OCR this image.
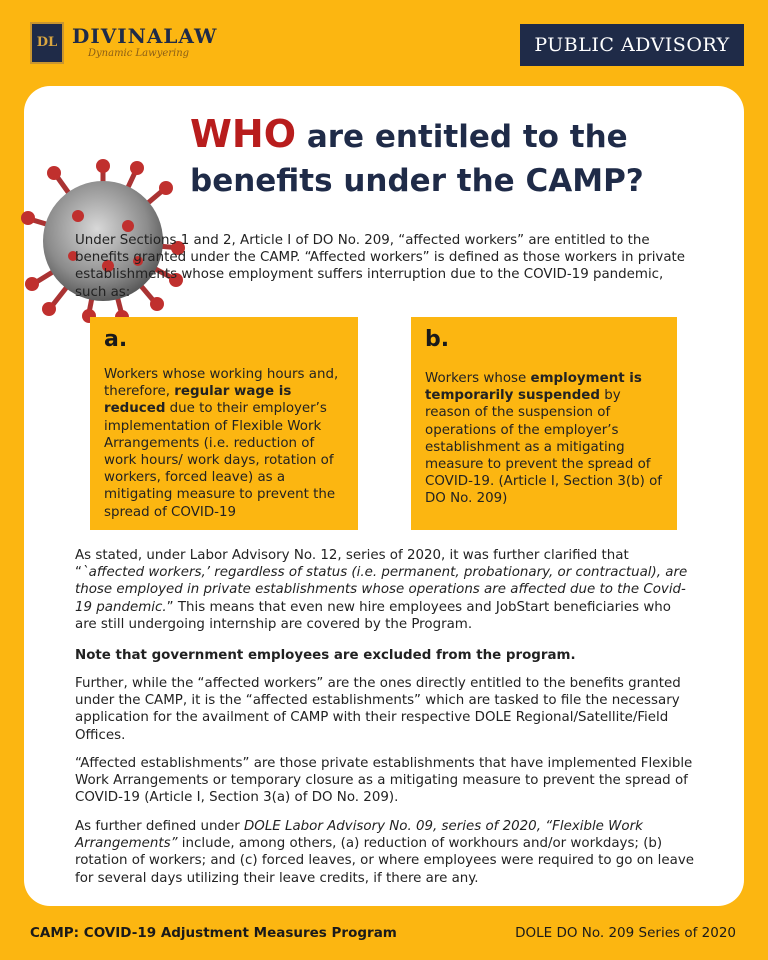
DL DIVINALAW
Dynamic Lawyering	PUBLIC ADVISORY
WHO are entitled to the
benefits under the CAMP?

Under Sections 1 and 2, Article I of DO No. 209, “affected workers” are entitled to the benefits granted under the CAMP. “Affected workers” is defined as those workers in private establishments whose employment suffers interruption due to the COVID-19 pandemic, such as:

a.
Workers whose working hours and, therefore, regular wage is reduced due to their employer’s implementation of Flexible Work Arrangements (i.e. reduction of work hours/ work days, rotation of workers, forced leave) as a mitigating measure to prevent the spread of COVID-19
b.
Workers whose employment is temporarily suspended by reason of the suspension of operations of the employer’s establishment as a mitigating measure to prevent the spread of COVID-19. (Article I, Section 3(b) of DO No. 209)

As stated, under Labor Advisory No. 12, series of 2020, it was further clarified that “`affected workers,’ regardless of status (i.e. permanent, probationary, or contractual), are those employed in private establishments whose operations are affected due to the Covid-19 pandemic.” This means that even new hire employees and JobStart beneficiaries who are still undergoing internship are covered by the Program.

Note that government employees are excluded from the program.

Further, while the “affected workers” are the ones directly entitled to the benefits granted under the CAMP, it is the “affected establishments” which are tasked to file the necessary application for the availment of CAMP with their respective DOLE Regional/Satellite/Field Offices.

“Affected establishments” are those private establishments that have implemented Flexible Work Arrangements or temporary closure as a mitigating measure to prevent the spread of COVID-19 (Article I, Section 3(a) of DO No. 209).

As further defined under DOLE Labor Advisory No. 09, series of 2020, “Flexible Work Arrangements” include, among others, (a) reduction of workhours and/or workdays; (b) rotation of workers; and (c) forced leaves, or where employees were required to go on leave for several days utilizing their leave credits, if there are any.

CAMP: COVID-19 Adjustment Measures Program	DOLE DO No. 209 Series of 2020
